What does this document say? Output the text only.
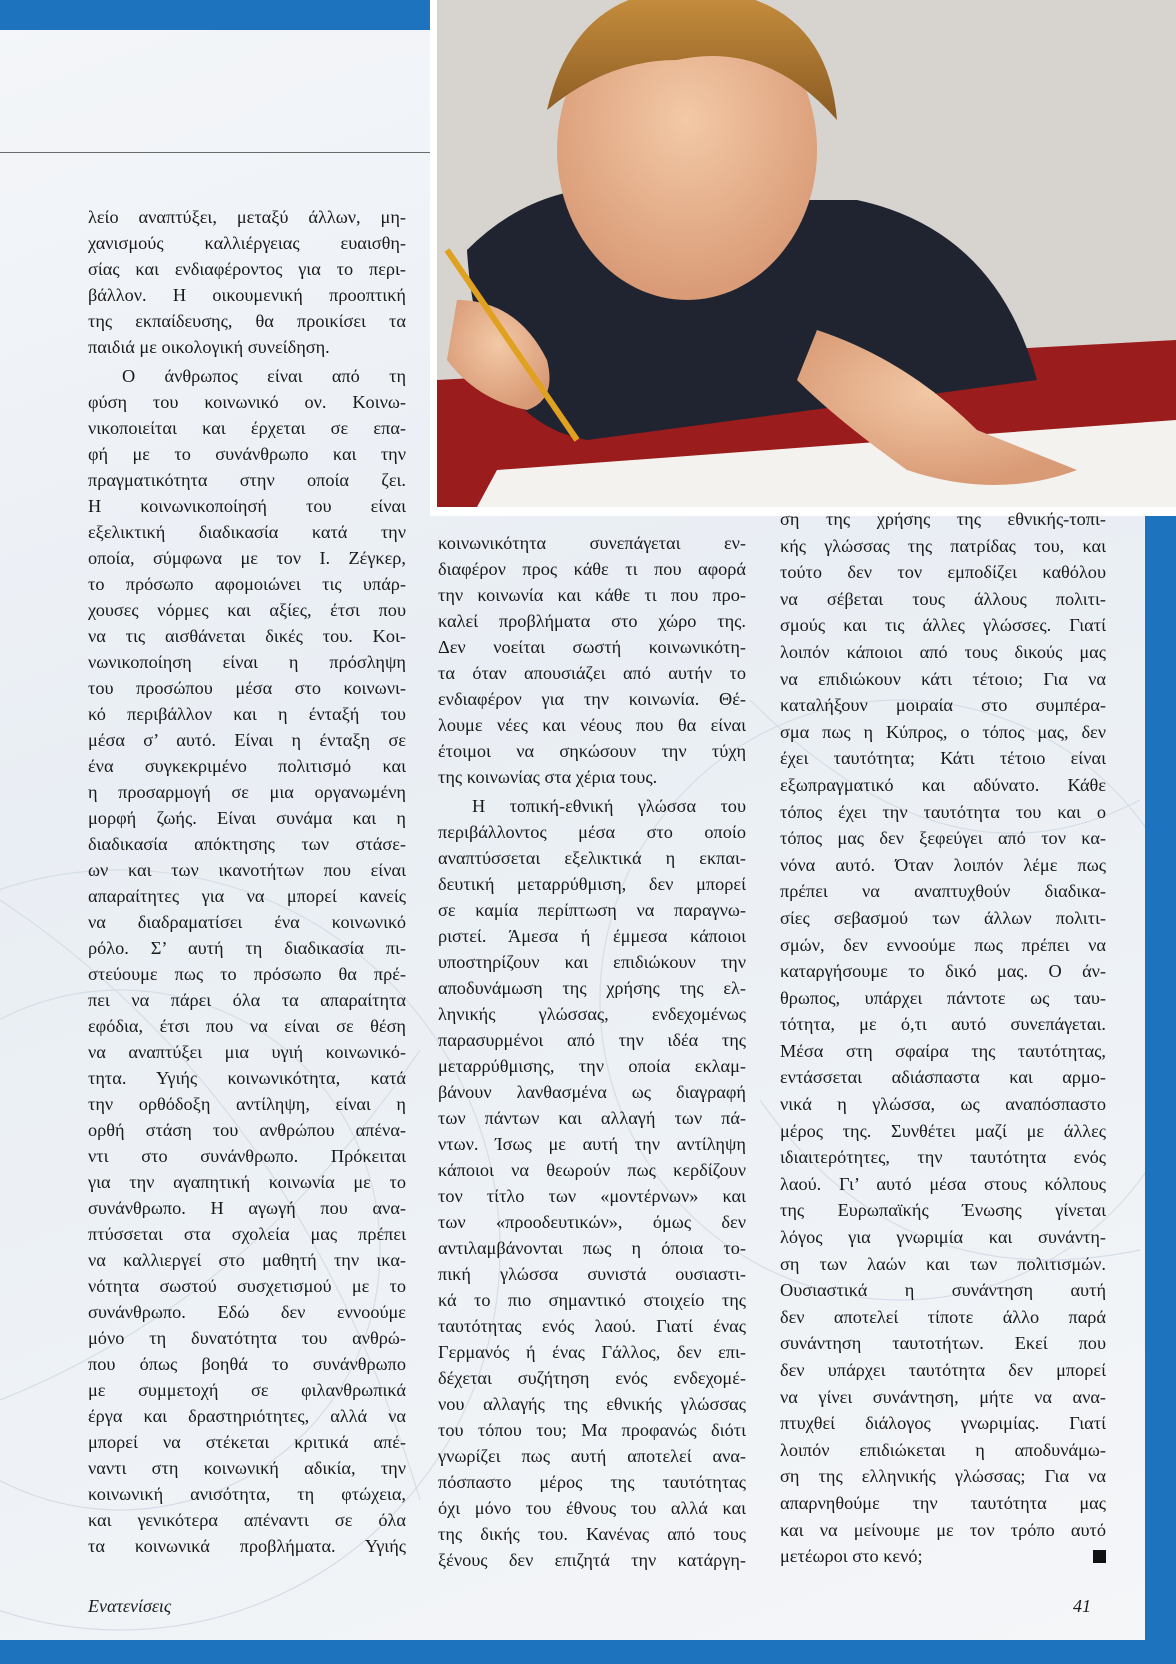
λείο αναπτύξει, μεταξύ άλλων, μη-
χανισμούς καλλιέργειας ευαισθη-
σίας και ενδιαφέροντος για το περι-
βάλλον. Η οικουμενική προοπτική
της εκπαίδευσης, θα προικίσει τα
παιδιά με οικολογική συνείδηση.
Ο άνθρωπος είναι από τη
φύση του κοινωνικό ον. Κοινω-
νικοποιείται και έρχεται σε επα-
φή με το συνάνθρωπο και την
πραγματικότητα στην οποία ζει.
Η κοινωνικοποίησή του είναι
εξελικτική διαδικασία κατά την
οποία, σύμφωνα με τον Ι. Ζέγκερ,
το πρόσωπο αφομοιώνει τις υπάρ-
χουσες νόρμες και αξίες, έτσι που
να τις αισθάνεται δικές του. Κοι-
νωνικοποίηση είναι η πρόσληψη
του προσώπου μέσα στο κοινωνι-
κό περιβάλλον και η ένταξή του
μέσα σ’ αυτό. Είναι η ένταξη σε
ένα συγκεκριμένο πολιτισμό και
η προσαρμογή σε μια οργανωμένη
μορφή ζωής. Είναι συνάμα και η
διαδικασία απόκτησης των στάσε-
ων και των ικανοτήτων που είναι
απαραίτητες για να μπορεί κανείς
να διαδραματίσει ένα κοινωνικό
ρόλο. Σ’ αυτή τη διαδικασία πι-
στεύουμε πως το πρόσωπο θα πρέ-
πει να πάρει όλα τα απαραίτητα
εφόδια, έτσι που να είναι σε θέση
να αναπτύξει μια υγιή κοινωνικό-
τητα. Υγιής κοινωνικότητα, κατά
την ορθόδοξη αντίληψη, είναι η
ορθή στάση του ανθρώπου απένα-
ντι στο συνάνθρωπο. Πρόκειται
για την αγαπητική κοινωνία με το
συνάνθρωπο. Η αγωγή που ανα-
πτύσσεται στα σχολεία μας πρέπει
να καλλιεργεί στο μαθητή την ικα-
νότητα σωστού συσχετισμού με το
συνάνθρωπο. Εδώ δεν εννοούμε
μόνο τη δυνατότητα του ανθρώ-
που όπως βοηθά το συνάνθρωπο
με συμμετοχή σε φιλανθρωπικά
έργα και δραστηριότητες, αλλά να
μπορεί να στέκεται κριτικά απέ-
ναντι στη κοινωνική αδικία, την
κοινωνική ανισότητα, τη φτώχεια,
και γενικότερα απέναντι σε όλα
τα κοινωνικά προβλήματα. Υγιής
κοινωνικότητα συνεπάγεται εν-
διαφέρον προς κάθε τι που αφορά
την κοινωνία και κάθε τι που προ-
καλεί προβλήματα στο χώρο της.
Δεν νοείται σωστή κοινωνικότη-
τα όταν απουσιάζει από αυτήν το
ενδιαφέρον για την κοινωνία. Θέ-
λουμε νέες και νέους που θα είναι
έτοιμοι να σηκώσουν την τύχη
της κοινωνίας στα χέρια τους.
Η τοπική-εθνική γλώσσα του
περιβάλλοντος μέσα στο οποίο
αναπτύσσεται εξελικτικά η εκπαι-
δευτική μεταρρύθμιση, δεν μπορεί
σε καμία περίπτωση να παραγνω-
ριστεί. Άμεσα ή έμμεσα κάποιοι
υποστηρίζουν και επιδιώκουν την
αποδυνάμωση της χρήσης της ελ-
ληνικής γλώσσας, ενδεχομένως
παρασυρμένοι από την ιδέα της
μεταρρύθμισης, την οποία εκλαμ-
βάνουν λανθασμένα ως διαγραφή
των πάντων και αλλαγή των πά-
ντων. Ίσως με αυτή την αντίληψη
κάποιοι να θεωρούν πως κερδίζουν
τον τίτλο των «μοντέρνων» και
των «προοδευτικών», όμως δεν
αντιλαμβάνονται πως η όποια το-
πική γλώσσα συνιστά ουσιαστι-
κά το πιο σημαντικό στοιχείο της
ταυτότητας ενός λαού. Γιατί ένας
Γερμανός ή ένας Γάλλος, δεν επι-
δέχεται συζήτηση ενός ενδεχομέ-
νου αλλαγής της εθνικής γλώσσας
του τόπου του; Μα προφανώς διότι
γνωρίζει πως αυτή αποτελεί ανα-
πόσπαστο μέρος της ταυτότητας
όχι μόνο του έθνους του αλλά και
της δικής του. Κανένας από τους
ξένους δεν επιζητά την κατάργη-
ση της χρήσης της εθνικής-τοπι-
κής γλώσσας της πατρίδας του, και
τούτο δεν τον εμποδίζει καθόλου
να σέβεται τους άλλους πολιτι-
σμούς και τις άλλες γλώσσες. Γιατί
λοιπόν κάποιοι από τους δικούς μας
να επιδιώκουν κάτι τέτοιο; Για να
καταλήξουν μοιραία στο συμπέρα-
σμα πως η Κύπρος, ο τόπος μας, δεν
έχει ταυτότητα; Κάτι τέτοιο είναι
εξωπραγματικό και αδύνατο. Κάθε
τόπος έχει την ταυτότητα του και ο
τόπος μας δεν ξεφεύγει από τον κα-
νόνα αυτό. Όταν λοιπόν λέμε πως
πρέπει να αναπτυχθούν διαδικα-
σίες σεβασμού των άλλων πολιτι-
σμών, δεν εννοούμε πως πρέπει να
καταργήσουμε το δικό μας. Ο άν-
θρωπος, υπάρχει πάντοτε ως ταυ-
τότητα, με ό,τι αυτό συνεπάγεται.
Μέσα στη σφαίρα της ταυτότητας,
εντάσσεται αδιάσπαστα και αρμο-
νικά η γλώσσα, ως αναπόσπαστο
μέρος της. Συνθέτει μαζί με άλλες
ιδιαιτερότητες, την ταυτότητα ενός
λαού. Γι’ αυτό μέσα στους κόλπους
της Ευρωπαϊκής Ένωσης γίνεται
λόγος για γνωριμία και συνάντη-
ση των λαών και των πολιτισμών.
Ουσιαστικά η συνάντηση αυτή
δεν αποτελεί τίποτε άλλο παρά
συνάντηση ταυτοτήτων. Εκεί που
δεν υπάρχει ταυτότητα δεν μπορεί
να γίνει συνάντηση, μήτε να ανα-
πτυχθεί διάλογος γνωριμίας. Γιατί
λοιπόν επιδιώκεται η αποδυνάμω-
ση της ελληνικής γλώσσας; Για να
απαρνηθούμε την ταυτότητα μας
και να μείνουμε με τον τρόπο αυτό
μετέωροι στο κενό;
Ενατενίσεις	41
